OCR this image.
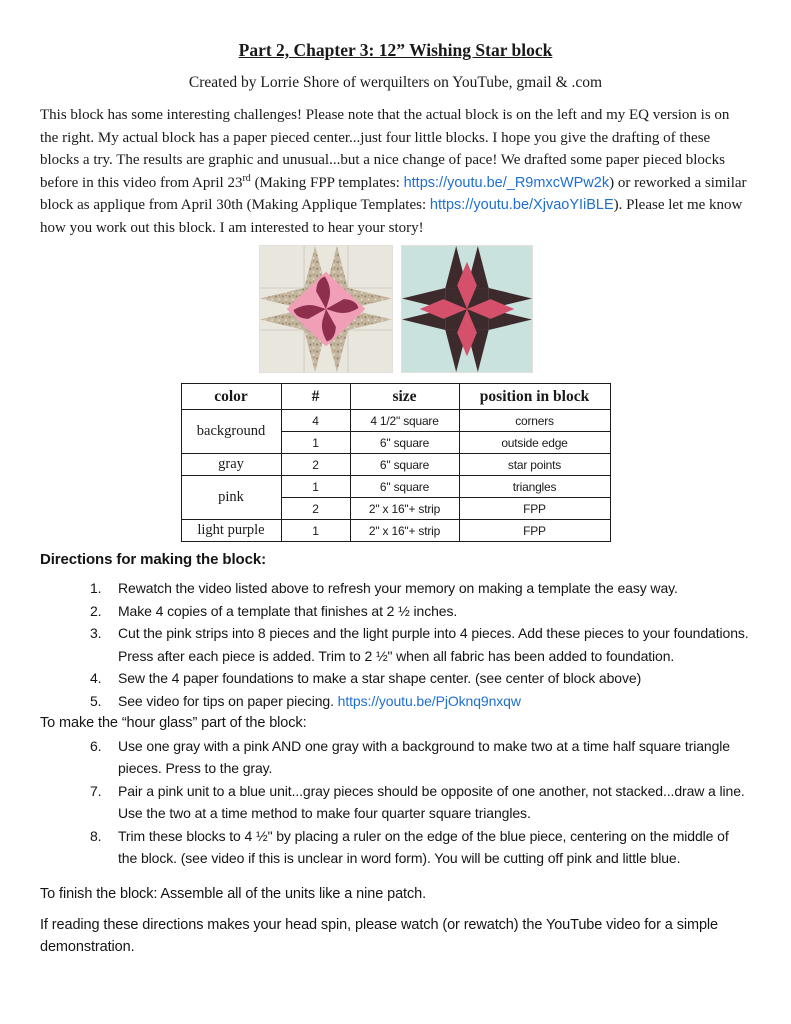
Part 2, Chapter 3: 12” Wishing Star block
Created by Lorrie Shore of werquilters on YouTube, gmail & .com
This block has some interesting challenges! Please note that the actual block is on the left and my EQ version is on the right. My actual block has a paper pieced center...just four little blocks. I hope you give the drafting of these blocks a try. The results are graphic and unusual...but a nice change of pace! We drafted some paper pieced blocks before in this video from April 23rd (Making FPP templates: https://youtu.be/_R9mxcWPw2k) or reworked a similar block as applique from April 30th (Making Applique Templates: https://youtu.be/XjvaoYIiBLE). Please let me know how you work out this block. I am interested to hear your story!
color	#	size	position in block
background	4	4 1/2" square	corners
	1	6" square	outside edge
gray	2	6" square	star points
pink	1	6" square	triangles
	2	2" x 16"+ strip	FPP
light purple	1	2" x 16"+ strip	FPP
Directions for making the block:
1.	Rewatch the video listed above to refresh your memory on making a template the easy way.
2.	Make 4 copies of a template that finishes at 2 ½ inches.
3.	Cut the pink strips into 8 pieces and the light purple into 4 pieces. Add these pieces to your foundations. Press after each piece is added. Trim to 2 ½" when all fabric has been added to foundation.
4.	Sew the 4 paper foundations to make a star shape center. (see center of block above)
5.	See video for tips on paper piecing. https://youtu.be/PjOknq9nxqw
To make the “hour glass” part of the block:
6.	Use one gray with a pink AND one gray with a background to make two at a time half square triangle pieces. Press to the gray.
7.	Pair a pink unit to a blue unit...gray pieces should be opposite of one another, not stacked...draw a line. Use the two at a time method to make four quarter square triangles.
8.	Trim these blocks to 4 ½" by placing a ruler on the edge of the blue piece, centering on the middle of the block. (see video if this is unclear in word form). You will be cutting off pink and little blue.
To finish the block: Assemble all of the units like a nine patch.
If reading these directions makes your head spin, please watch (or rewatch) the YouTube video for a simple demonstration.
